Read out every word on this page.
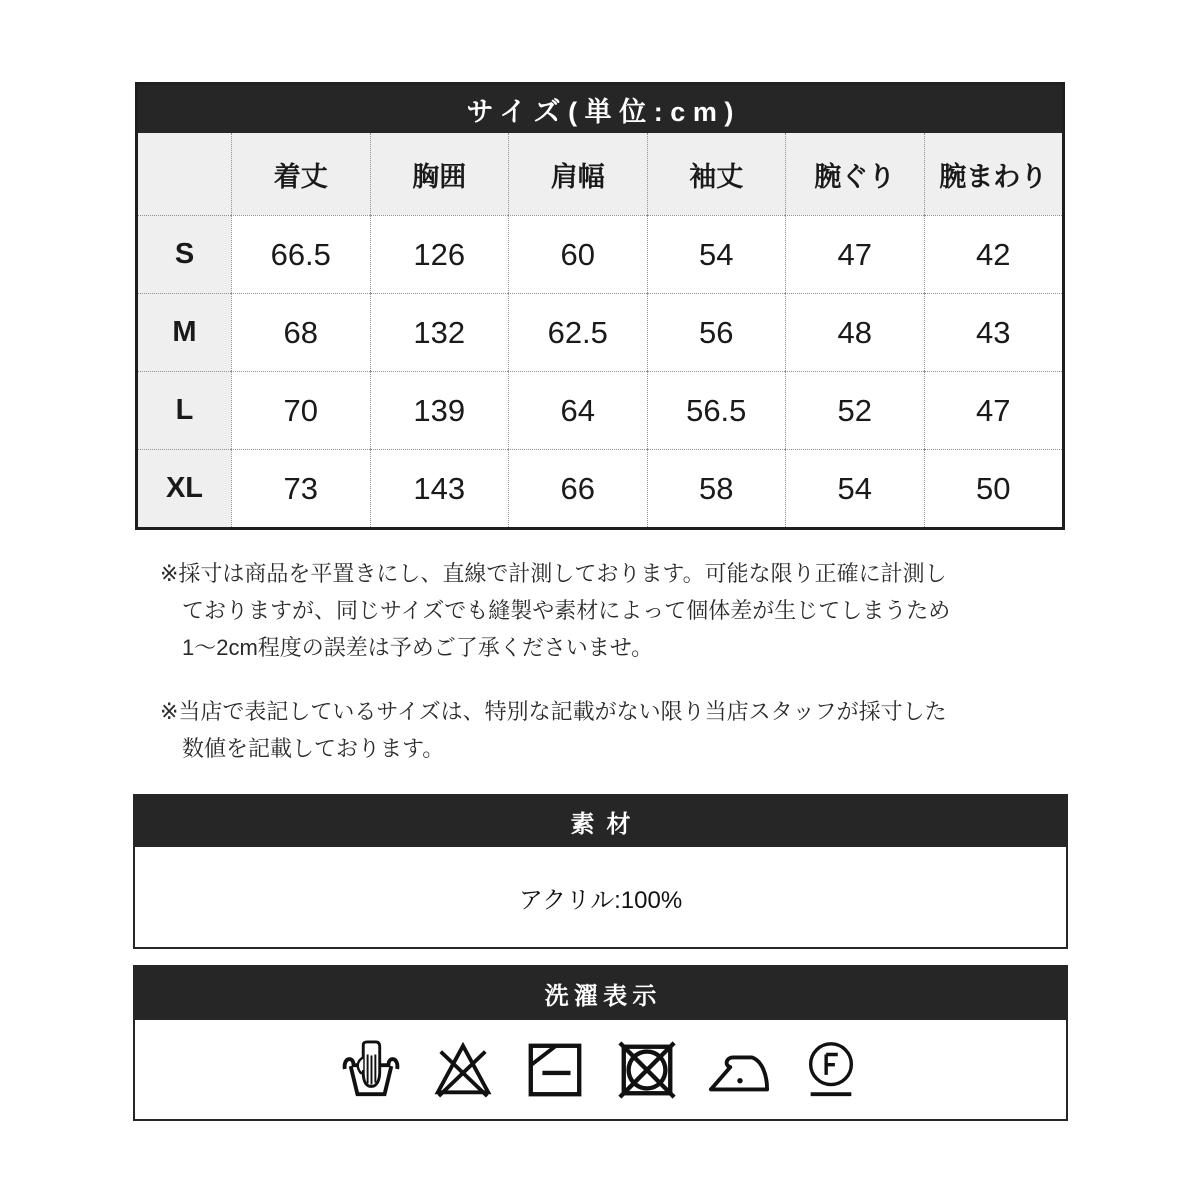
サイズ(単位:cm)
着丈	胸囲	肩幅	袖丈	腕ぐり	腕まわり
S	66.5	126	60	54	47	42
M	68	132	62.5	56	48	43
L	70	139	64	56.5	52	47
XL	73	143	66	58	54	50
※採寸は商品を平置きにし、直線で計測しております。可能な限り正確に計測し
ておりますが、同じサイズでも縫製や素材によって個体差が生じてしまうため
1〜2cm程度の誤差は予めご了承くださいませ。
※当店で表記しているサイズは、特別な記載がない限り当店スタッフが採寸した
数値を記載しております。
素材
アクリル:100%
洗濯表示
